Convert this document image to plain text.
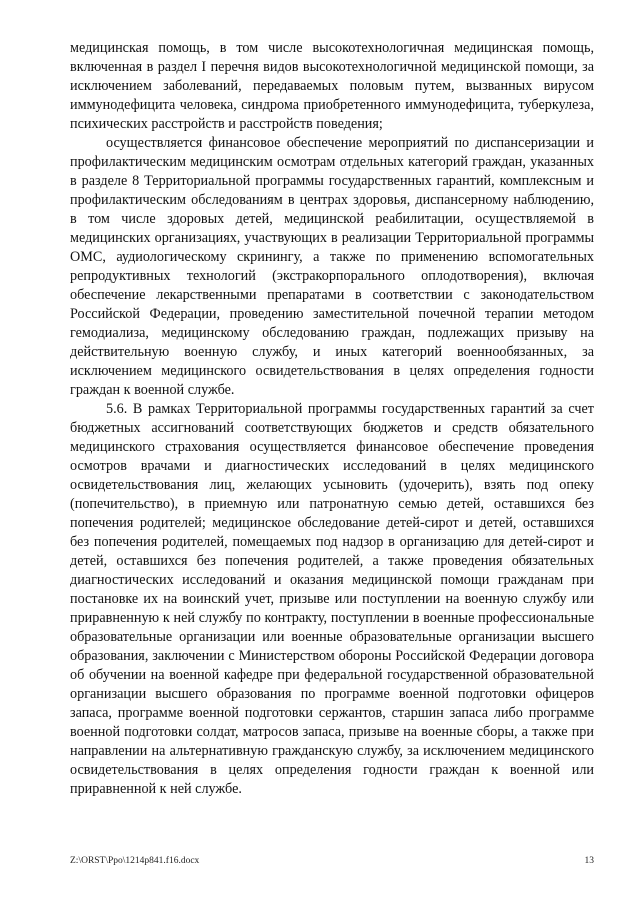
медицинская помощь, в том числе высокотехнологичная медицинская помощь, включенная в раздел I перечня видов высокотехнологичной медицинской помощи, за исключением заболеваний, передаваемых половым путем, вызванных вирусом иммунодефицита человека, синдрома приобретенного иммунодефицита, туберкулеза, психических расстройств и расстройств поведения;

осуществляется финансовое обеспечение мероприятий по диспансеризации и профилактическим медицинским осмотрам отдельных категорий граждан, указанных в разделе 8 Территориальной программы государственных гарантий, комплексным и профилактическим обследованиям в центрах здоровья, диспансерному наблюдению, в том числе здоровых детей, медицинской реабилитации, осуществляемой в медицинских организациях, участвующих в реализации Территориальной программы ОМС, аудиологическому скринингу, а также по применению вспомогательных репродуктивных технологий (экстракорпорального оплодотворения), включая обеспечение лекарственными препаратами в соответствии с законодательством Российской Федерации, проведению заместительной почечной терапии методом гемодиализа, медицинскому обследованию граждан, подлежащих призыву на действительную военную службу, и иных категорий военнообязанных, за исключением медицинского освидетельствования в целях определения годности граждан к военной службе.

5.6. В рамках Территориальной программы государственных гарантий за счет бюджетных ассигнований соответствующих бюджетов и средств обязательного медицинского страхования осуществляется финансовое обеспечение проведения осмотров врачами и диагностических исследований в целях медицинского освидетельствования лиц, желающих усыновить (удочерить), взять под опеку (попечительство), в приемную или патронатную семью детей, оставшихся без попечения родителей; медицинское обследование детей-сирот и детей, оставшихся без попечения родителей, помещаемых под надзор в организацию для детей-сирот и детей, оставшихся без попечения родителей, а также проведения обязательных диагностических исследований и оказания медицинской помощи гражданам при постановке их на воинский учет, призыве или поступлении на военную службу или приравненную к ней службу по контракту, поступлении в военные профессиональные образовательные организации или военные образовательные организации высшего образования, заключении с Министерством обороны Российской Федерации договора об обучении на военной кафедре при федеральной государственной образовательной организации высшего образования по программе военной подготовки офицеров запаса, программе военной подготовки сержантов, старшин запаса либо программе военной подготовки солдат, матросов запаса, призыве на военные сборы, а также при направлении на альтернативную гражданскую службу, за исключением медицинского освидетельствования в целях определения годности граждан к военной или приравненной к ней службе.

Z:\ORST\Ppo\1214p841.f16.docx	13
